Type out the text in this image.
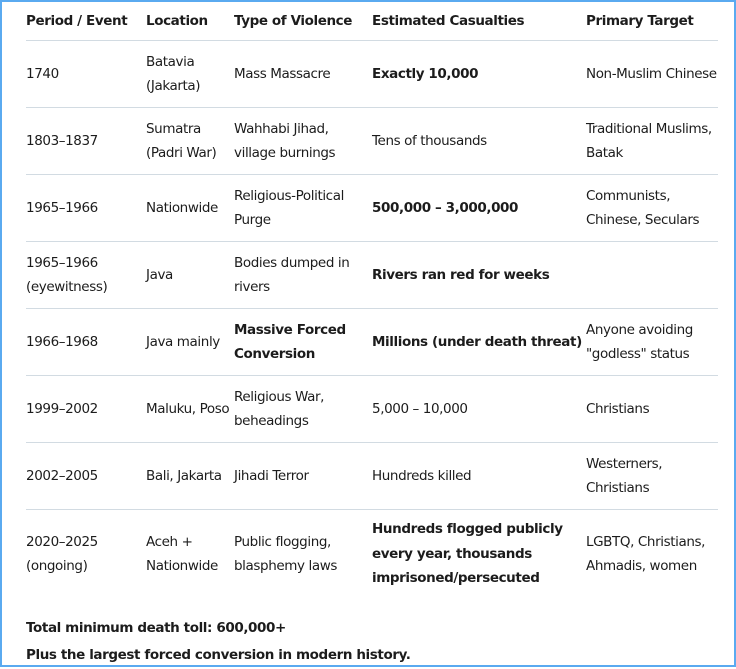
Period / Event	Location	Type of Violence	Estimated Casualties	Primary Target
1740	Batavia (Jakarta)	Mass Massacre	Exactly 10,000	Non-Muslim Chinese
1803–1837	Sumatra (Padri War)	Wahhabi Jihad, village burnings	Tens of thousands	Traditional Muslims, Batak
1965–1966	Nationwide	Religious-Political Purge	500,000 – 3,000,000	Communists, Chinese, Seculars
1965–1966 (eyewitness)	Java	Bodies dumped in rivers	Rivers ran red for weeks	
1966–1968	Java mainly	Massive Forced Conversion	Millions (under death threat)	Anyone avoiding "godless" status
1999–2002	Maluku, Poso	Religious War, beheadings	5,000 – 10,000	Christians
2002–2005	Bali, Jakarta	Jihadi Terror	Hundreds killed	Westerners, Christians
2020–2025 (ongoing)	Aceh + Nationwide	Public flogging, blasphemy laws	Hundreds flogged publicly every year, thousands imprisoned/persecuted	LGBTQ, Christians, Ahmadis, women
Total minimum death toll: 600,000+
Plus the largest forced conversion in modern history.
